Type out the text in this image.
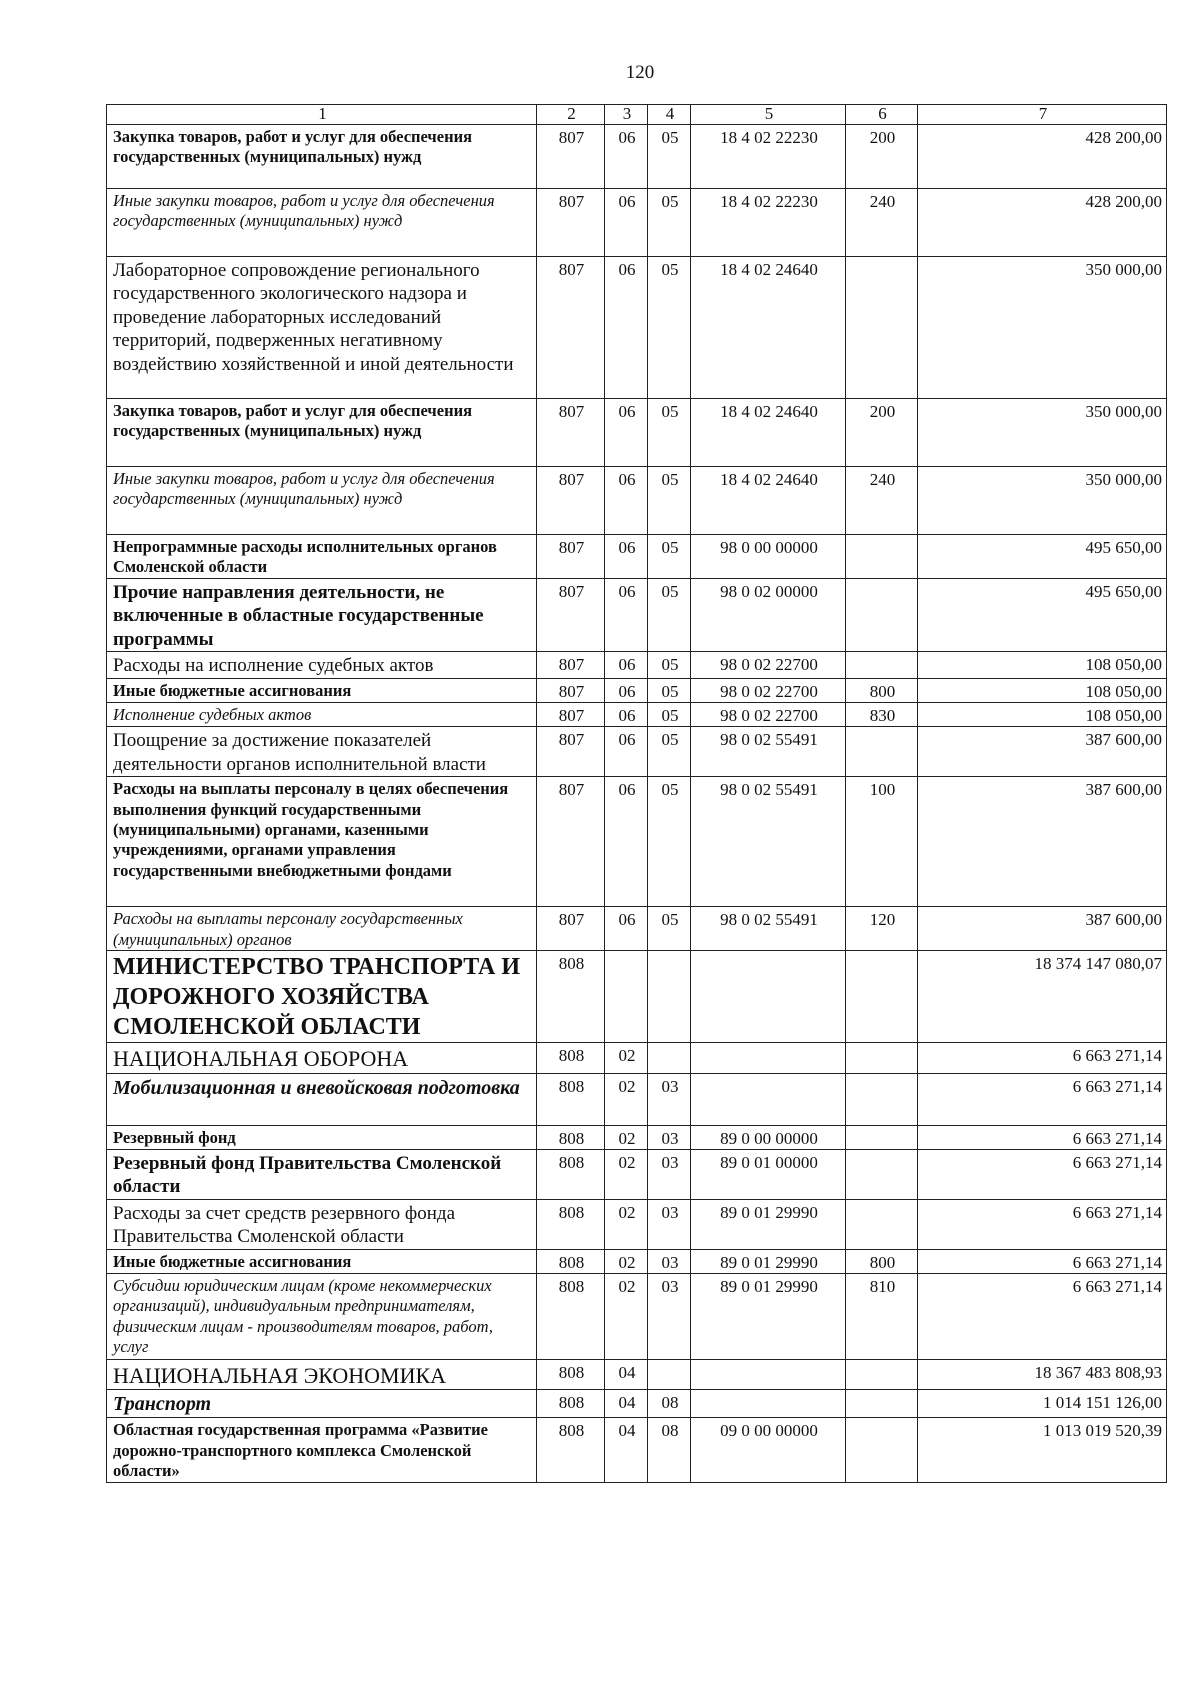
120
1	2	3	4	5	6	7
Закупка товаров, работ и услуг для обеспечения государственных (муниципальных) нужд	807	06	05	18 4 02 22230	200	428 200,00
Иные закупки товаров, работ и услуг для обеспечения государственных (муниципальных) нужд	807	06	05	18 4 02 22230	240	428 200,00
Лабораторное сопровождение регионального государственного экологического надзора и проведение лабораторных исследований территорий, подверженных негативному воздействию хозяйственной и иной деятельности	807	06	05	18 4 02 24640		350 000,00
Закупка товаров, работ и услуг для обеспечения государственных (муниципальных) нужд	807	06	05	18 4 02 24640	200	350 000,00
Иные закупки товаров, работ и услуг для обеспечения государственных (муниципальных) нужд	807	06	05	18 4 02 24640	240	350 000,00
Непрограммные расходы исполнительных органов Смоленской области	807	06	05	98 0 00 00000		495 650,00
Прочие направления деятельности, не включенные в областные государственные программы	807	06	05	98 0 02 00000		495 650,00
Расходы на исполнение судебных актов	807	06	05	98 0 02 22700		108 050,00
Иные бюджетные ассигнования	807	06	05	98 0 02 22700	800	108 050,00
Исполнение судебных актов	807	06	05	98 0 02 22700	830	108 050,00
Поощрение за достижение показателей деятельности органов исполнительной власти	807	06	05	98 0 02 55491		387 600,00
Расходы на выплаты персоналу в целях обеспечения выполнения функций государственными (муниципальными) органами, казенными учреждениями, органами управления государственными внебюджетными фондами	807	06	05	98 0 02 55491	100	387 600,00
Расходы на выплаты персоналу государственных (муниципальных) органов	807	06	05	98 0 02 55491	120	387 600,00
МИНИСТЕРСТВО ТРАНСПОРТА И ДОРОЖНОГО ХОЗЯЙСТВА СМОЛЕНСКОЙ ОБЛАСТИ	808					18 374 147 080,07
НАЦИОНАЛЬНАЯ ОБОРОНА	808	02				6 663 271,14
Мобилизационная и вневойсковая подготовка	808	02	03			6 663 271,14
Резервный фонд	808	02	03	89 0 00 00000		6 663 271,14
Резервный фонд Правительства Смоленской области	808	02	03	89 0 01 00000		6 663 271,14
Расходы за счет средств резервного фонда Правительства Смоленской области	808	02	03	89 0 01 29990		6 663 271,14
Иные бюджетные ассигнования	808	02	03	89 0 01 29990	800	6 663 271,14
Субсидии юридическим лицам (кроме некоммерческих организаций), индивидуальным предпринимателям, физическим лицам - производителям товаров, работ, услуг	808	02	03	89 0 01 29990	810	6 663 271,14
НАЦИОНАЛЬНАЯ ЭКОНОМИКА	808	04				18 367 483 808,93
Транспорт	808	04	08			1 014 151 126,00
Областная государственная программа «Развитие дорожно-транспортного комплекса Смоленской области»	808	04	08	09 0 00 00000		1 013 019 520,39
